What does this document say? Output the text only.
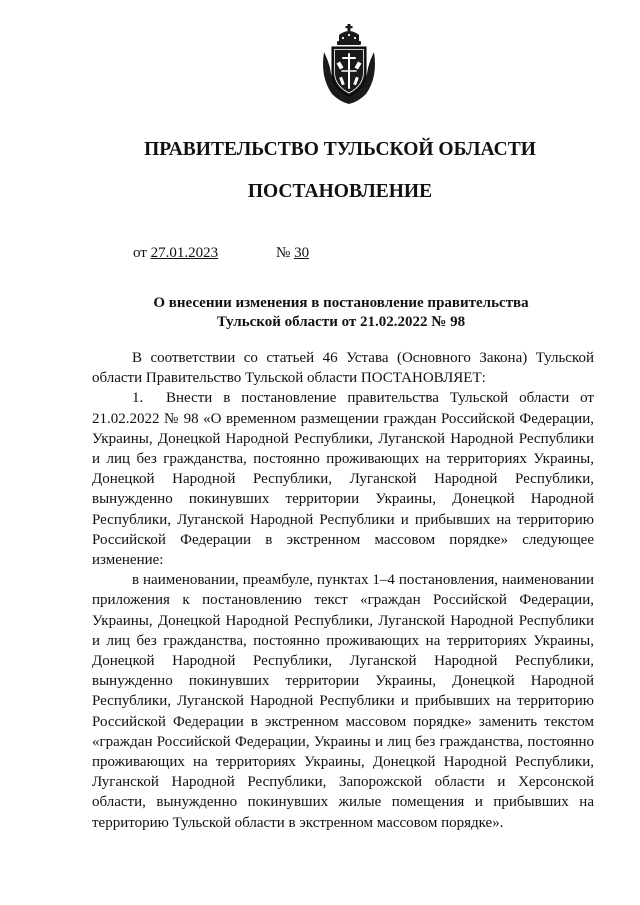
ПРАВИТЕЛЬСТВО ТУЛЬСКОЙ ОБЛАСТИ
ПОСТАНОВЛЕНИЕ
от 27.01.2023	№ 30
О внесении изменения в постановление правительства
Тульской области от 21.02.2022 № 98

В соответствии со статьей 46 Устава (Основного Закона) Тульской области Правительство Тульской области ПОСТАНОВЛЯЕТ:

1. Внести в постановление правительства Тульской области от 21.02.2022 № 98 «О временном размещении граждан Российской Федерации, Украины, Донецкой Народной Республики, Луганской Народной Республики и лиц без гражданства, постоянно проживающих на территориях Украины, Донецкой Народной Республики, Луганской Народной Республики, вынужденно покинувших территории Украины, Донецкой Народной Республики, Луганской Народной Республики и прибывших на территорию Российской Федерации в экстренном массовом порядке» следующее изменение:

в наименовании, преамбуле, пунктах 1–4 постановления, наименовании приложения к постановлению текст «граждан Российской Федерации, Украины, Донецкой Народной Республики, Луганской Народной Республики и лиц без гражданства, постоянно проживающих на территориях Украины, Донецкой Народной Республики, Луганской Народной Республики, вынужденно покинувших территории Украины, Донецкой Народной Республики, Луганской Народной Республики и прибывших на территорию Российской Федерации в экстренном массовом порядке» заменить текстом «граждан Российской Федерации, Украины и лиц без гражданства, постоянно проживающих на территориях Украины, Донецкой Народной Республики, Луганской Народной Республики, Запорожской области и Херсонской области, вынужденно покинувших жилые помещения и прибывших на территорию Тульской области в экстренном массовом порядке».
